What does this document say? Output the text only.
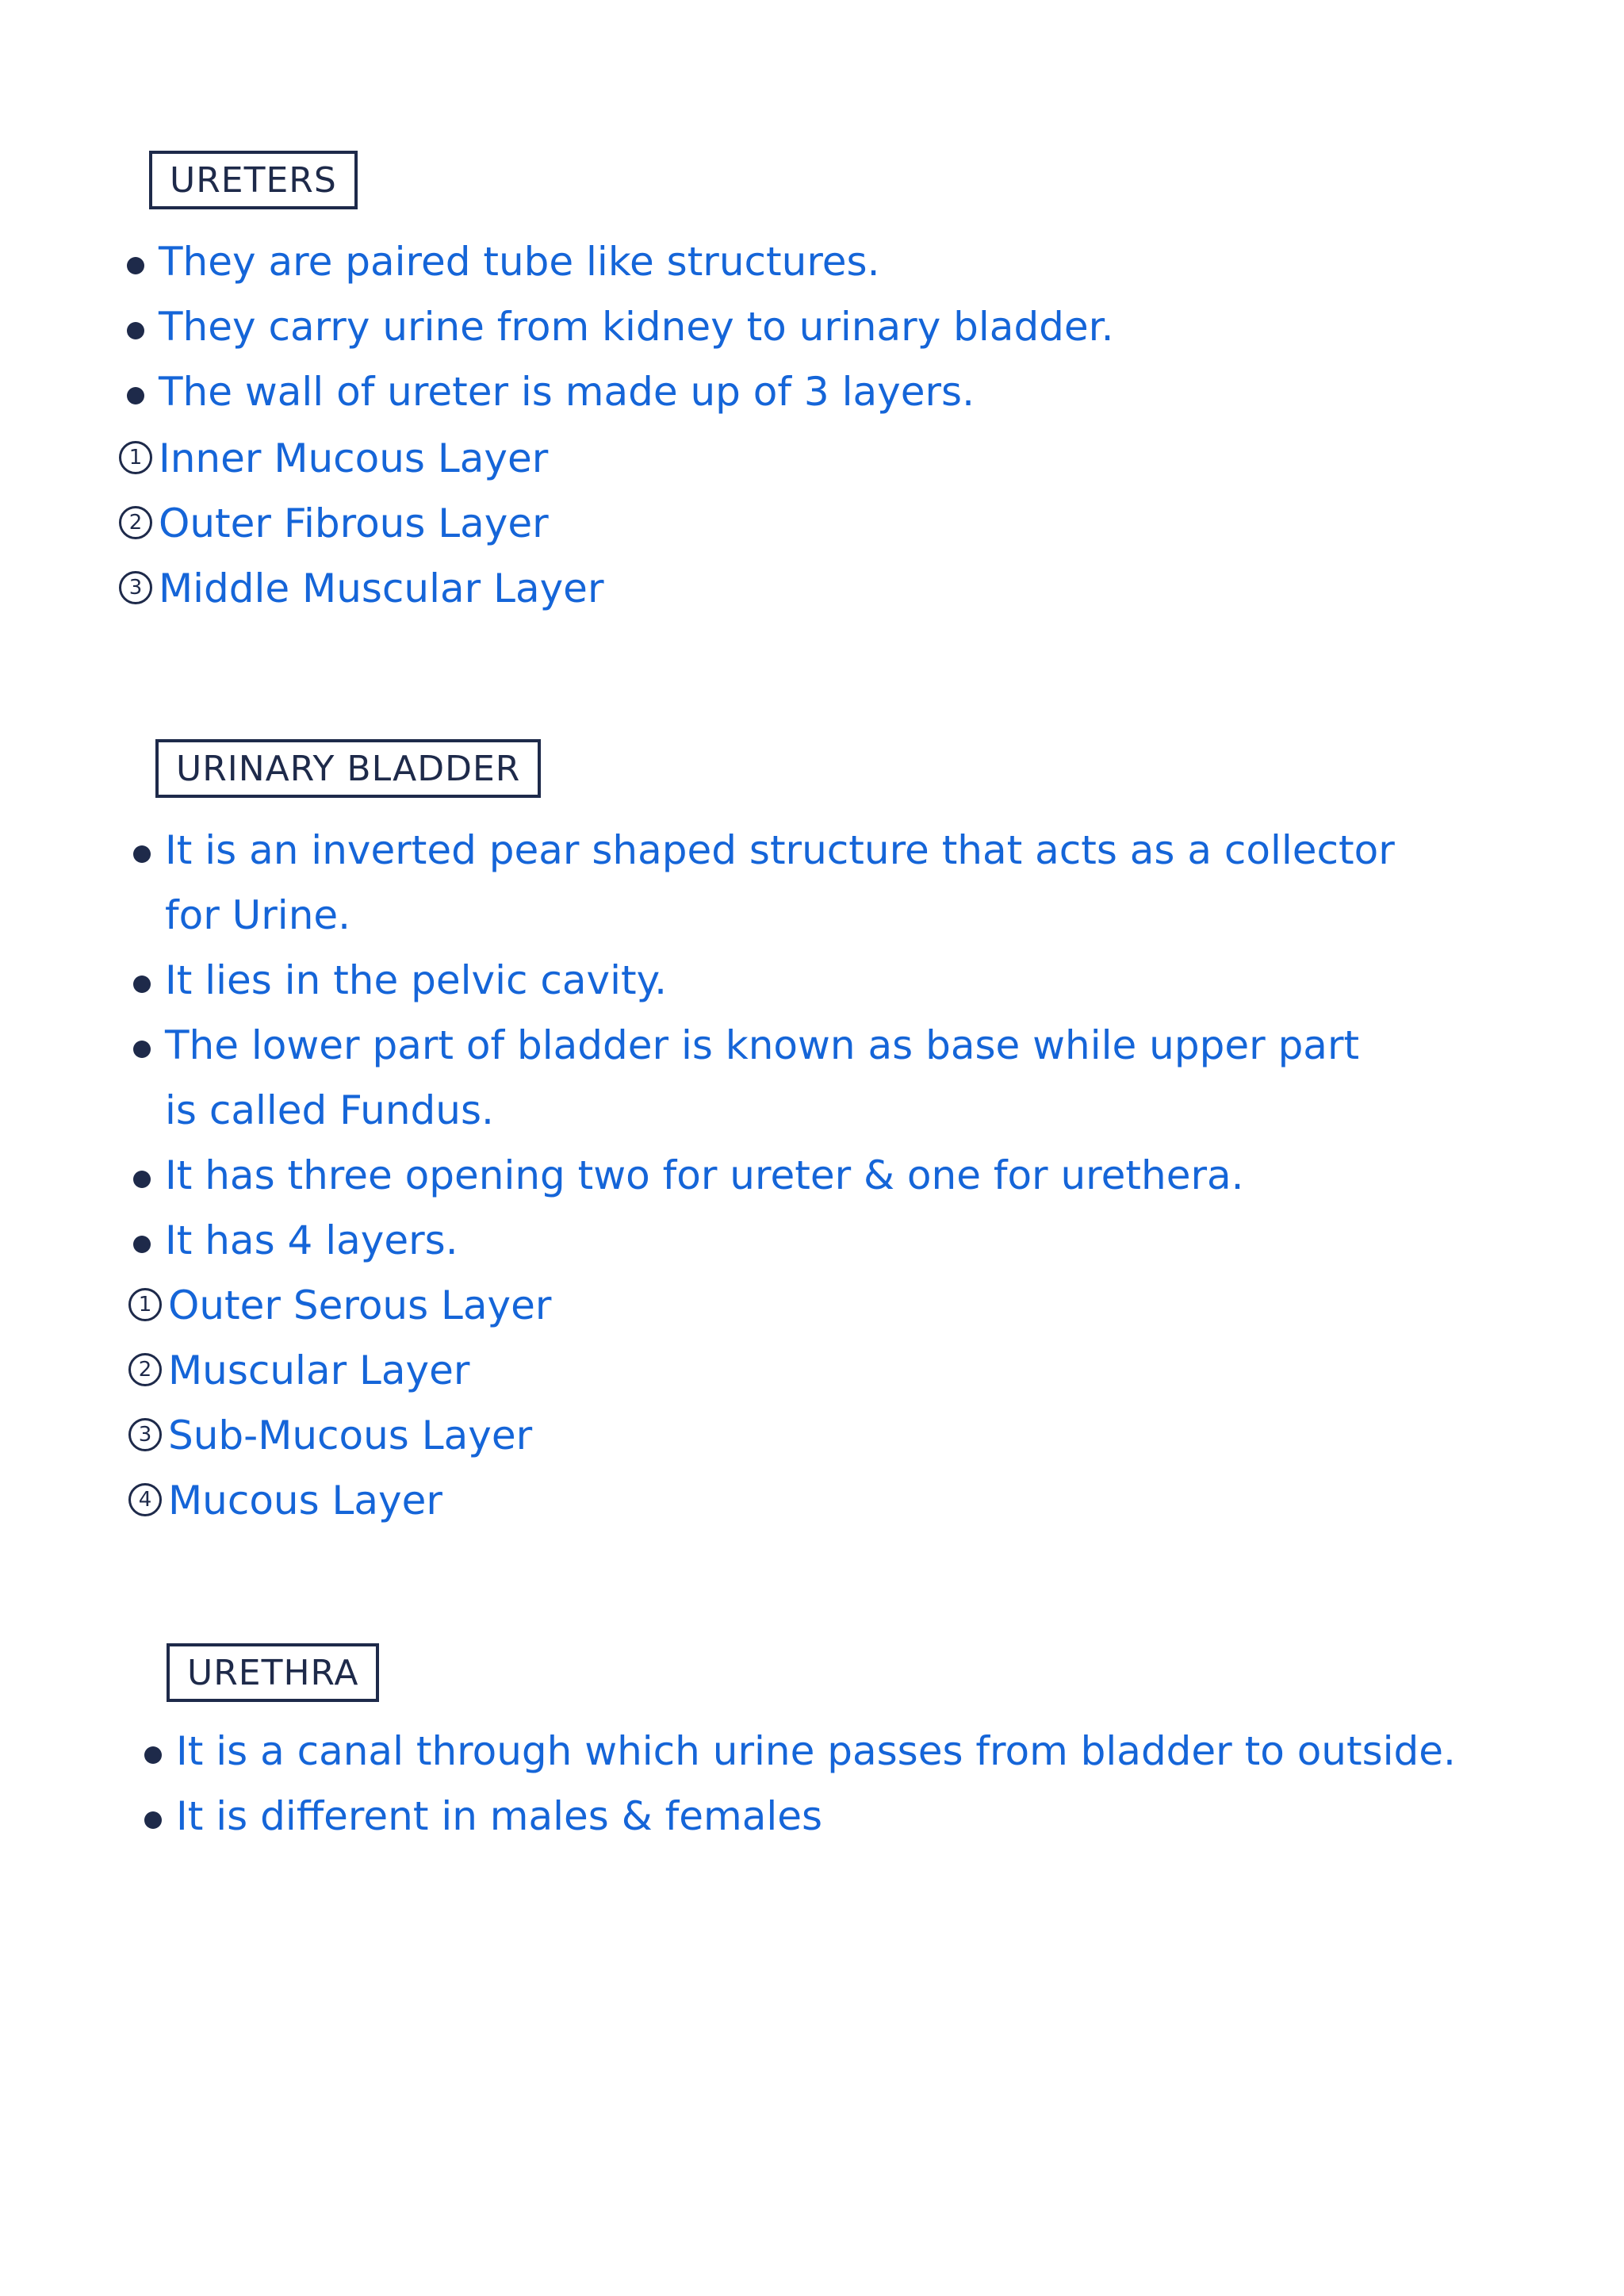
URETERS
They are paired tube like structures.
They carry urine from kidney to urinary bladder.
The wall of ureter is made up of 3 layers.
1 Inner Mucous Layer
2 Outer Fibrous Layer
3 Middle Muscular Layer
URINARY BLADDER
It is an inverted pear shaped structure that acts as a collector
for Urine.
It lies in the pelvic cavity.
The lower part of bladder is known as base while upper part
is called Fundus.
It has three opening two for ureter & one for urethera.
It has 4 layers.
1 Outer Serous Layer
2 Muscular Layer
3 Sub-Mucous Layer
4 Mucous Layer
URETHRA
It is a canal through which urine passes from bladder to outside.
It is different in males & females
